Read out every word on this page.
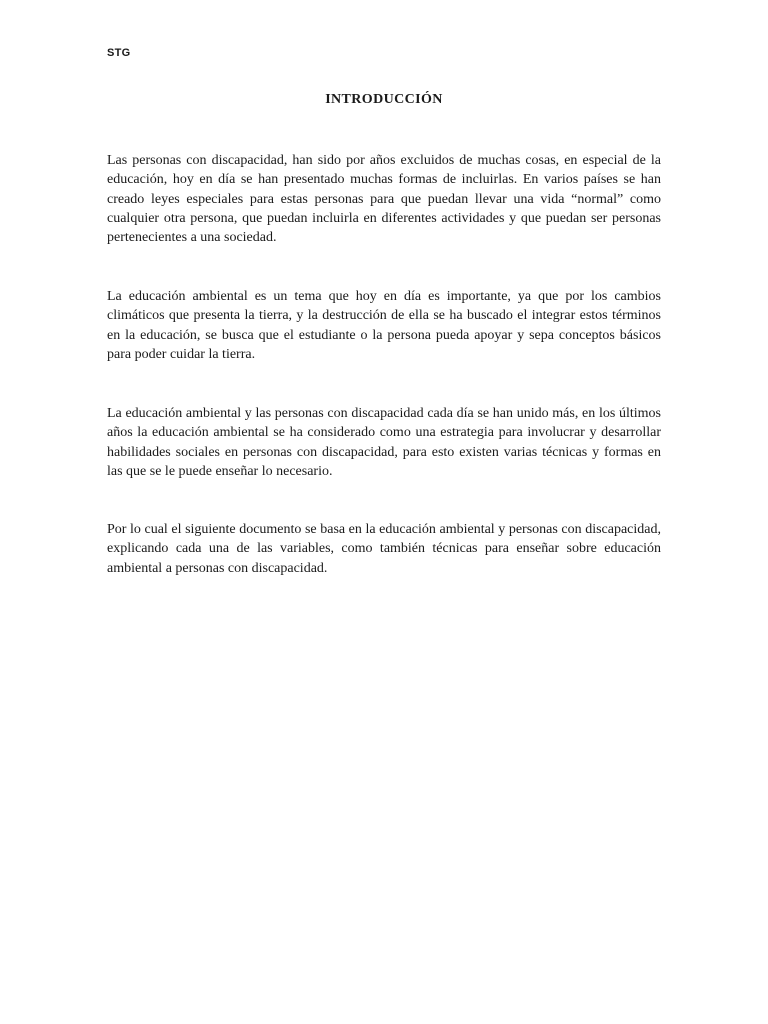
STG
INTRODUCCIÓN

Las personas con discapacidad, han sido por años excluidos de muchas cosas, en especial de la educación, hoy en día se han presentado muchas formas de incluirlas. En varios países se han creado leyes especiales para estas personas para que puedan llevar una vida “normal” como cualquier otra persona, que puedan incluirla en diferentes actividades y que puedan ser personas pertenecientes a una sociedad.

La educación ambiental es un tema que hoy en día es importante, ya que por los cambios climáticos que presenta la tierra, y la destrucción de ella se ha buscado el integrar estos términos en la educación, se busca que el estudiante o la persona pueda apoyar y sepa conceptos básicos para poder cuidar la tierra.

La educación ambiental y las personas con discapacidad cada día se han unido más, en los últimos años la educación ambiental se ha considerado como una estrategia para involucrar y desarrollar habilidades sociales en personas con discapacidad, para esto existen varias técnicas y formas en las que se le puede enseñar lo necesario.

Por lo cual el siguiente documento se basa en la educación ambiental y personas con discapacidad, explicando cada una de las variables, como también técnicas para enseñar sobre educación ambiental a personas con discapacidad.
